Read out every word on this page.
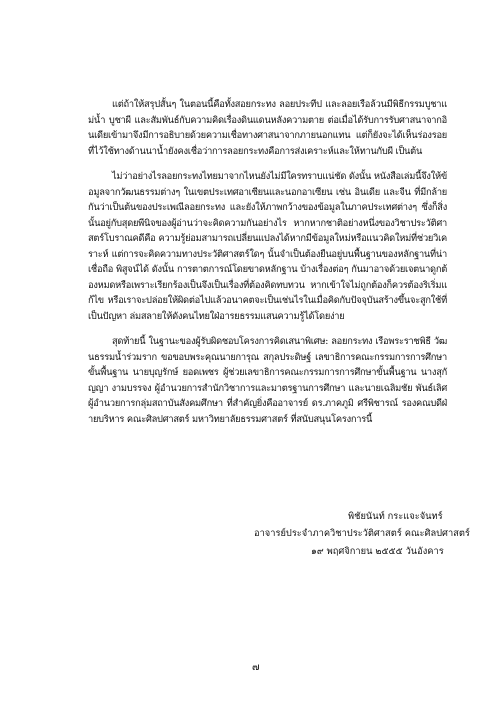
แต่ถ้าให้สรุปสั้นๆ ในตอนนี้คือทั้งสอยกระทง ลอยประทีป และลอยเรือล้วนมีพิธีกรรมบูชาแม่น้ำ บูชาผี และสัมพันธ์กับความคิดเรื่องดินแดนหลังความตาย ต่อเมื่อได้รับการรับศาสนาจากอินเดียเข้ามาจึงมีการอธิบายด้วยความเชื่อทางศาสนาจากภายนอกแทน แต่ก็ยังจะได้เห็นร่องรอยที่ไว้ใช้ทางด้านนาน้ำยังคงเชื่อว่าการลอยกระทงคือการส่งเคราะห์และให้ทานกับผี เป็นต้น

ไม่ว่าอย่างไรลอยกระทงไทยมาจากไหนยังไม่มีใครทราบแน่ชัด ดังนั้น หนังสือเล่มนี้จึงให้ข้อมูลจากวัฒนธรรมต่างๆ ในเขตประเทศอาเซียนและนอกอาเซียน เช่น อินเดีย และจีน ที่มีกล้ายกันว่าเป็นต้นของประเพณีลอยกระทง และยังให้ภาพกว้างของข้อมูลในภาคประเทศต่างๆ ซึ่งก็สิ่งนั้นอยู่กับสุดยพีนิจของผู้อ่านว่าจะคิดความกันอย่างไร หากหากชาติอย่างหนึ่งของวิชาประวัติศาสตร์โบราณคดีคือ ความรู้ย่อมสามารถเปลี่ยนแปลงได้หากมีข้อมูลใหม่หรือแนวคิดใหม่ที่ช่วยวิเคราะห์ แต่การจะคิดความทางประวัติศาสตร์ใดๆ นั้นจำเป็นต้องยืนอยู่บนพื้นฐานของหลักฐานที่น่าเชื่อถือ พิสูจน์ได้ ดังนั้น การตาตการณ์โดยขาดหลักฐาน บ้างเรื่องต่อๆ กันมาอาจด้วยเจตนาดูกต้องหมดหรือเพราะเรียกร้องเป็นจึงเป็นเรื่องที่ต้องคิดทบทวน หากเข้าใจไม่ถูกต้องก็ควรต้องริเริ่มแก้ไข หรือเราจะปล่อยให้ผิดต่อไปแล้วอนาคตจะเป็นเช่นไรในเมื่อคิดกับปัจจุบันสร้างขึ้นจะสูกใช้ที่เป็นปัญหา ล่มสลายให้ดังคนไทยใฝ่อารยธรรมแสนความรู้ได้โดยง่าย

สุดท้ายนี้ ในฐานะของผู้รับผิดชอบโครงการคิดเสนาพิเศษ: ลอยกระทง เรือพระราชพิธี วัฒนธรรมน้ำร่วมราก ขอขอบพระคุณนายการุณ สกุลประดิษฐ์ เลขาธิการคณะกรรมการการศึกษาขั้นพื้นฐาน นายบุญรักษ์ ยอดเพชร ผู้ช่วยเลขาธิการคณะกรรมการการศึกษาขั้นพื้นฐาน นางสุกัญญา งามบรรจง ผู้อำนวยการสำนักวิชาการและมาตรฐานการศึกษา และนายเฉลิมชัย พันธ์เลิศ ผู้อำนวยการกลุ่มสถาบันสังคมศึกษา ที่สำคัญยิ่งคืออาจารย์ ดร.ภาคภูมิ ศรีพิชารณ์ รองคณบดีฝ่ายบริหาร คณะศิลปศาสตร์ มหาวิทยาลัยธรรมศาสตร์ ที่สนับสนุนโครงการนี้

พิชัยนันท์ กระแจะจันทร์
อาจารย์ประจำภาควิชาประวัติศาสตร์ คณะศิลปศาสตร์
๑๙ พฤศจิกายน ๒๕๕๕ วันอังคาร
๗
